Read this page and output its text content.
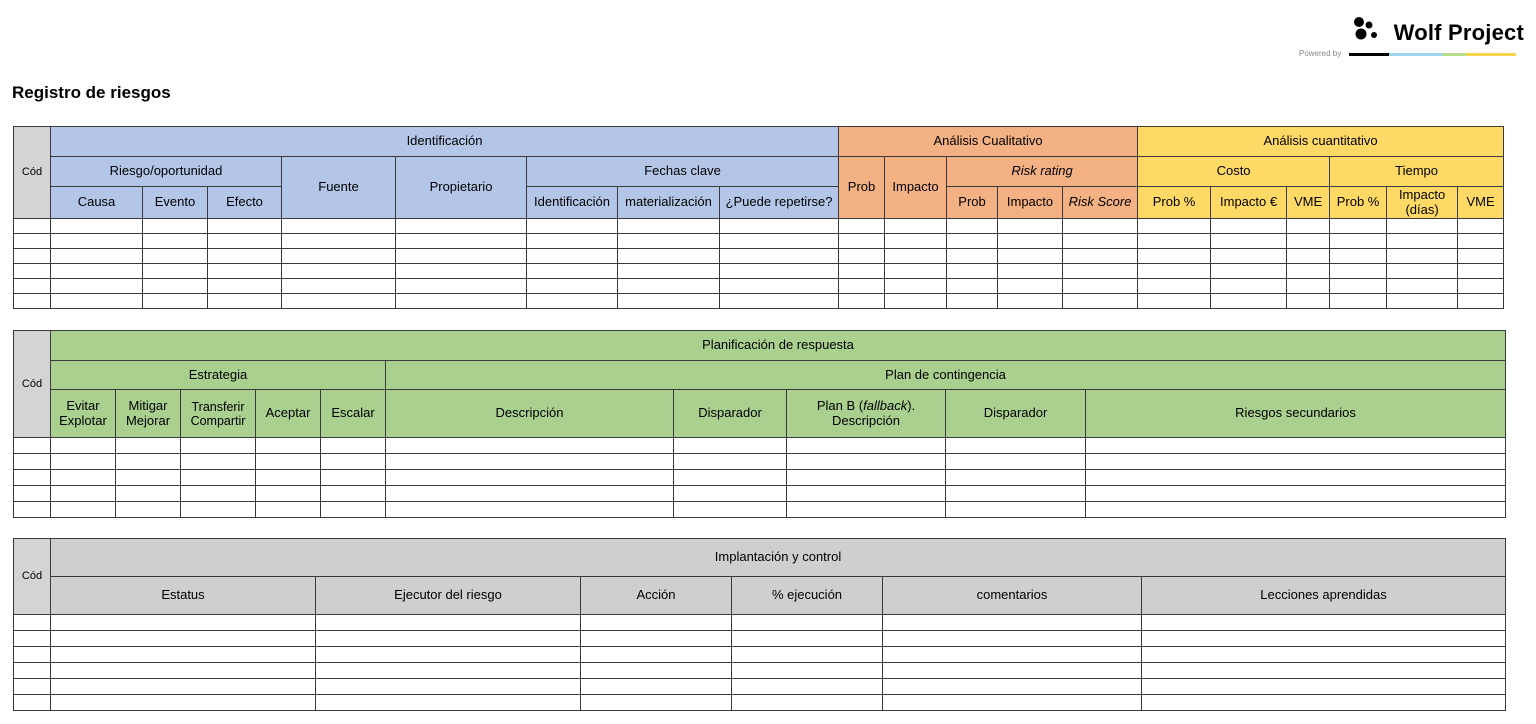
Wolf Project
Powered by
Registro de riesgos
Cód	Identificación								Análisis Cualitativo					Análisis cuantitativo					
	Riesgo/oportunidad			Fuente	Propietario	Fechas clave			Prob	Impacto	Risk rating			Costo			Tiempo		
	Causa	Evento	Efecto			Identificación	materialización	¿Puede repetirse?			Prob	Impacto	Risk Score	Prob %	Impacto €	VME	Prob %	Impacto (días)	VME

Cód	Planificación de respuesta									
	Estrategia					Plan de contingencia				
	Evitar Explotar	Mitigar Mejorar	Transferir Compartir	Aceptar	Escalar	Descripción	Disparador	Plan B (fallback). Descripción	Disparador	Riesgos secundarios

Cód	Implantación y control					
	Estatus	Ejecutor del riesgo	Acción	% ejecución	comentarios	Lecciones aprendidas
